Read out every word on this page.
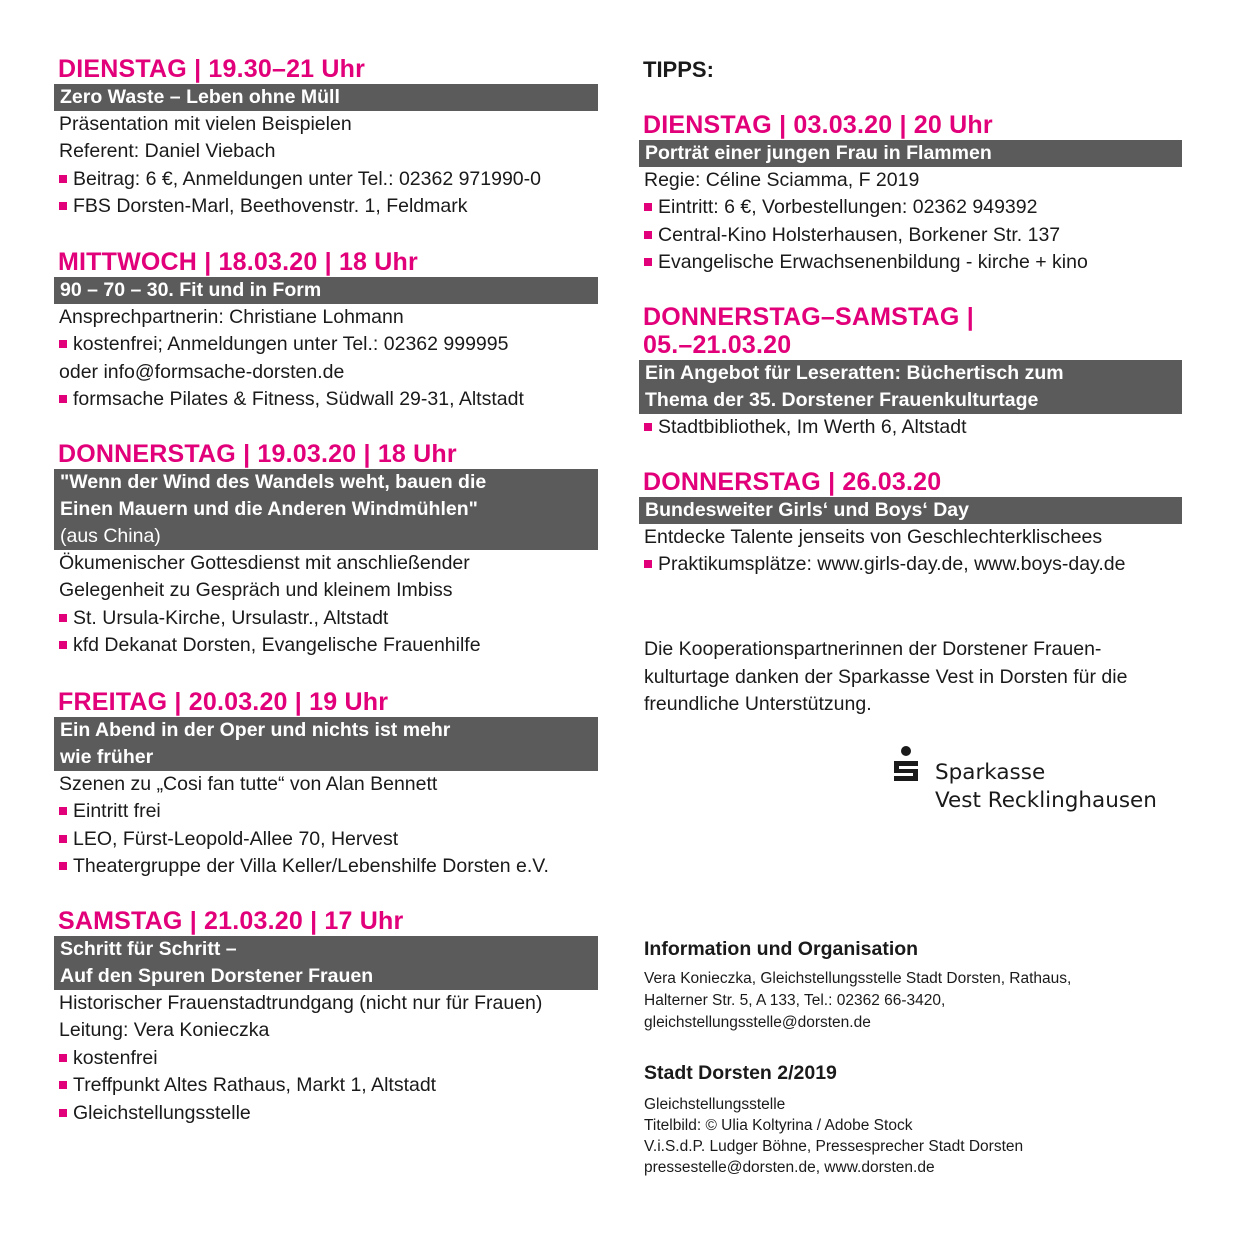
DIENSTAG | 19.30–21 Uhr
Zero Waste – Leben ohne Müll
Präsentation mit vielen Beispielen
Referent: Daniel Viebach
Beitrag: 6 €, Anmeldungen unter Tel.: 02362 971990-0
FBS Dorsten-Marl, Beethovenstr. 1, Feldmark
MITTWOCH | 18.03.20 | 18 Uhr
90 – 70 – 30. Fit und in Form
Ansprechpartnerin: Christiane Lohmann
kostenfrei; Anmeldungen unter Tel.: 02362 999995
oder info@formsache-dorsten.de
formsache Pilates & Fitness, Südwall 29-31, Altstadt
DONNERSTAG | 19.03.20 | 18 Uhr
"Wenn der Wind des Wandels weht, bauen die
Einen Mauern und die Anderen Windmühlen"
(aus China)
Ökumenischer Gottesdienst mit anschließender
Gelegenheit zu Gespräch und kleinem Imbiss
St. Ursula-Kirche, Ursulastr., Altstadt
kfd Dekanat Dorsten, Evangelische Frauenhilfe
FREITAG | 20.03.20 | 19 Uhr
Ein Abend in der Oper und nichts ist mehr
wie früher
Szenen zu „Cosi fan tutte“ von Alan Bennett
Eintritt frei
LEO, Fürst-Leopold-Allee 70, Hervest
Theatergruppe der Villa Keller/Lebenshilfe Dorsten e.V.
SAMSTAG | 21.03.20 | 17 Uhr
Schritt für Schritt –
Auf den Spuren Dorstener Frauen
Historischer Frauenstadtrundgang (nicht nur für Frauen)
Leitung: Vera Konieczka
kostenfrei
Treffpunkt Altes Rathaus, Markt 1, Altstadt
Gleichstellungsstelle
TIPPS:
DIENSTAG | 03.03.20 | 20 Uhr
Porträt einer jungen Frau in Flammen
Regie: Céline Sciamma, F 2019
Eintritt: 6 €, Vorbestellungen: 02362 949392
Central-Kino Holsterhausen, Borkener Str. 137
Evangelische Erwachsenenbildung - kirche + kino
DONNERSTAG–SAMSTAG |
05.–21.03.20
Ein Angebot für Leseratten: Büchertisch zum
Thema der 35. Dorstener Frauenkulturtage
Stadtbibliothek, Im Werth 6, Altstadt
DONNERSTAG | 26.03.20
Bundesweiter Girls‘ und Boys‘ Day
Entdecke Talente jenseits von Geschlechterklischees
Praktikumsplätze: www.girls-day.de, www.boys-day.de
Die Kooperationspartnerinnen der Dorstener Frauen-
kulturtage danken der Sparkasse Vest in Dorsten für die
freundliche Unterstützung.
Sparkasse
Vest Recklinghausen
Information und Organisation
Vera Konieczka, Gleichstellungsstelle Stadt Dorsten, Rathaus,
Halterner Str. 5, A 133, Tel.: 02362 66-3420,
gleichstellungsstelle@dorsten.de
Stadt Dorsten 2/2019
Gleichstellungsstelle
Titelbild: © Ulia Koltyrina / Adobe Stock
V.i.S.d.P. Ludger Böhne, Pressesprecher Stadt Dorsten
pressestelle@dorsten.de, www.dorsten.de
